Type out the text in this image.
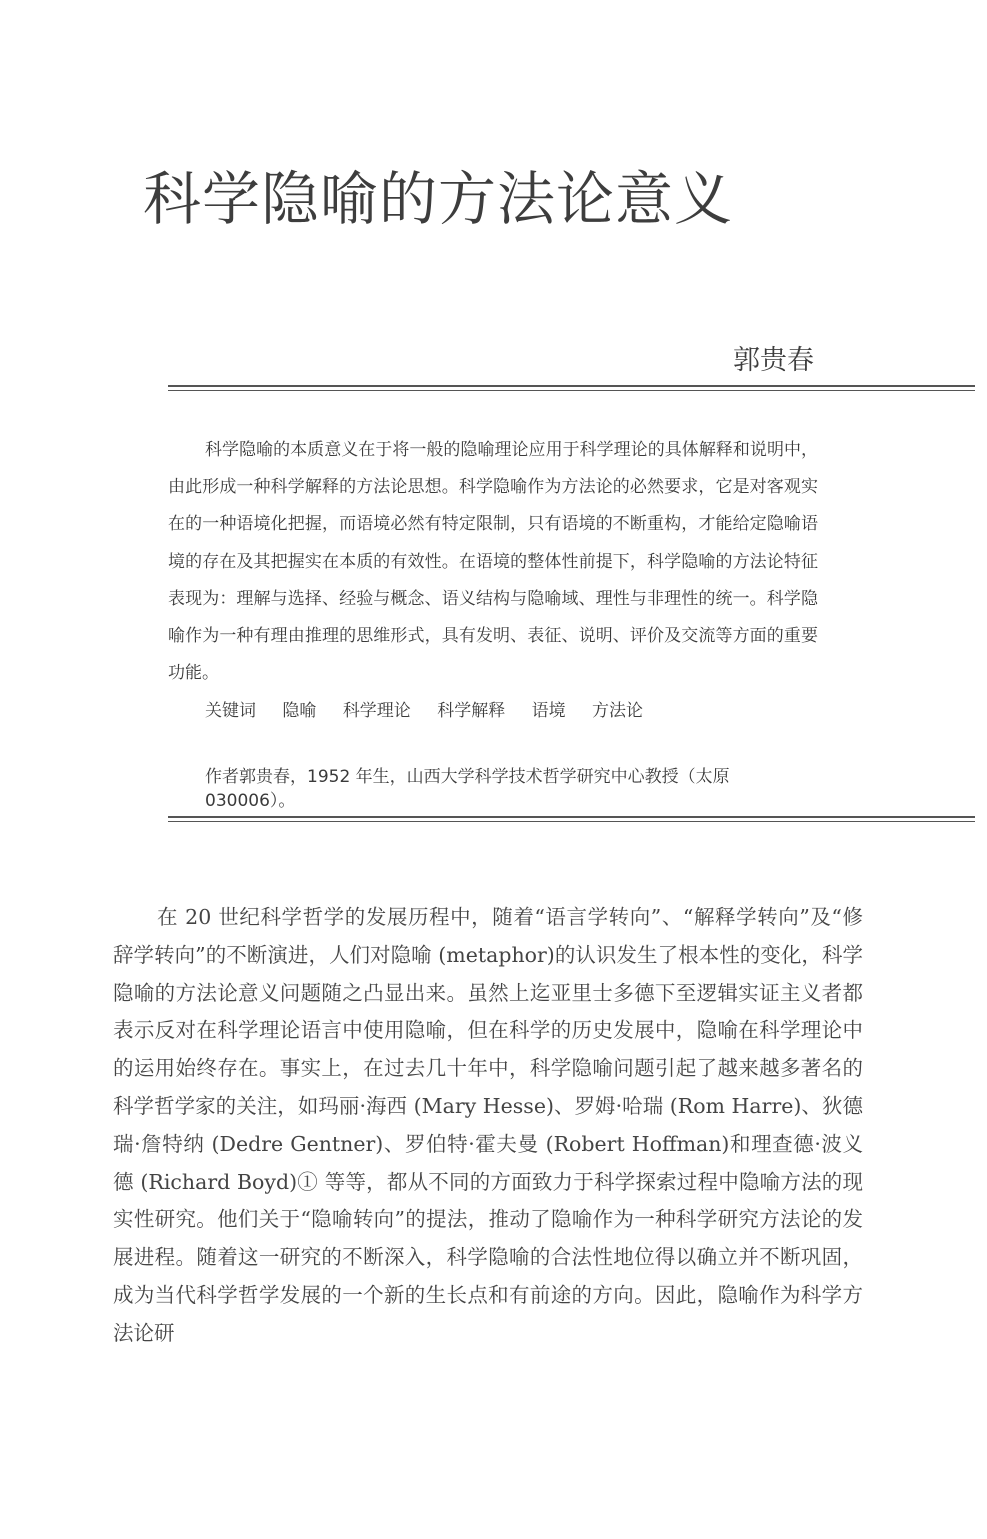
科学隐喻的方法论意义
郭贵春

科学隐喻的本质意义在于将一般的隐喻理论应用于科学理论的具体解释和说明中，由此形成一种科学解释的方法论思想。科学隐喻作为方法论的必然要求，它是对客观实在的一种语境化把握，而语境必然有特定限制，只有语境的不断重构，才能给定隐喻语境的存在及其把握实在本质的有效性。在语境的整体性前提下，科学隐喻的方法论特征表现为：理解与选择、经验与概念、语义结构与隐喻域、理性与非理性的统一。科学隐喻作为一种有理由推理的思维形式，具有发明、表征、说明、评价及交流等方面的重要功能。

关键词 隐喻 科学理论 科学解释 语境 方法论

作者郭贵春，1952 年生，山西大学科学技术哲学研究中心教授（太原 030006）。

在 20 世纪科学哲学的发展历程中，随着“语言学转向”、“解释学转向”及“修辞学转向”的不断演进，人们对隐喻 (metaphor)的认识发生了根本性的变化，科学隐喻的方法论意义问题随之凸显出来。虽然上迄亚里士多德下至逻辑实证主义者都表示反对在科学理论语言中使用隐喻，但在科学的历史发展中，隐喻在科学理论中的运用始终存在。事实上，在过去几十年中，科学隐喻问题引起了越来越多著名的科学哲学家的关注，如玛丽·海西 (Mary Hesse)、罗姆·哈瑞 (Rom Harre)、狄德瑞·詹特纳 (Dedre Gentner)、罗伯特·霍夫曼 (Robert Hoffman)和理查德·波义德 (Richard Boyd)① 等等，都从不同的方面致力于科学探索过程中隐喻方法的现实性研究。他们关于“隐喻转向”的提法，推动了隐喻作为一种科学研究方法论的发展进程。随着这一研究的不断深入，科学隐喻的合法性地位得以确立并不断巩固，成为当代科学哲学发展的一个新的生长点和有前途的方向。因此，隐喻作为科学方法论研
